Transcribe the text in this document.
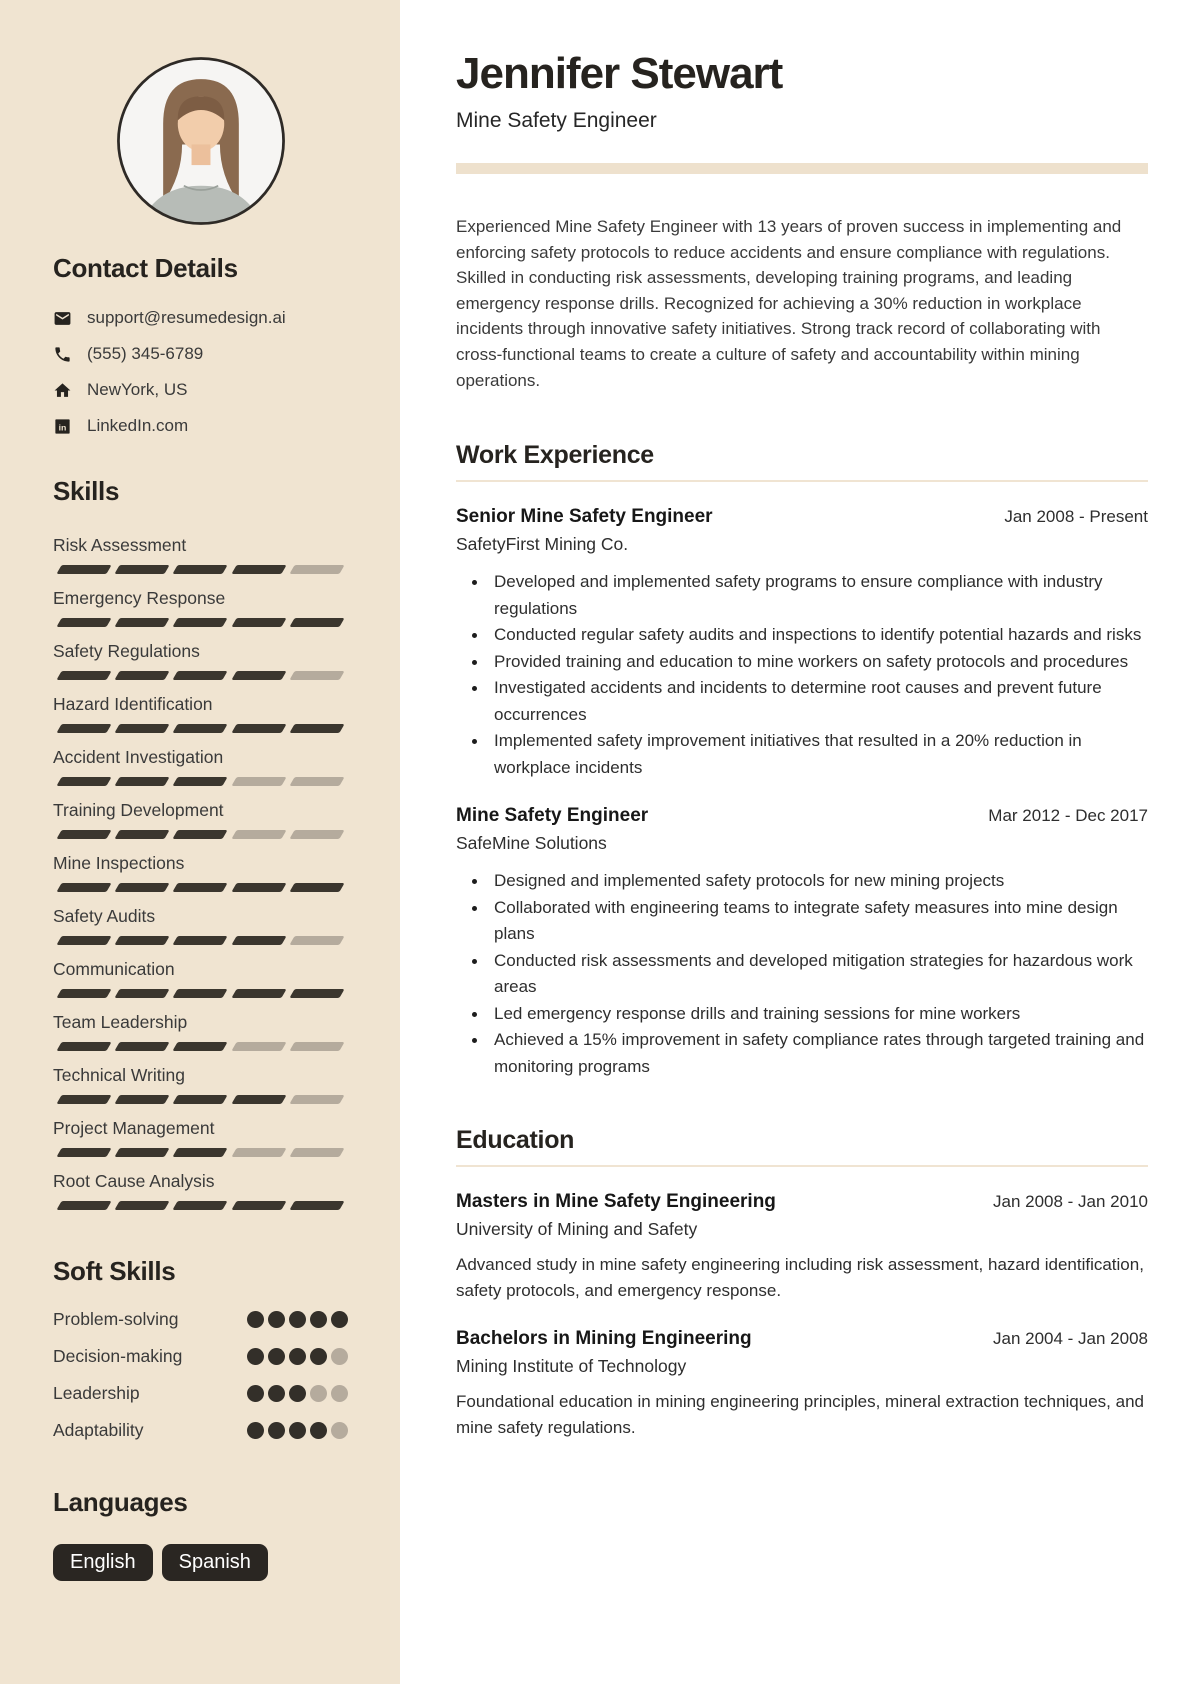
Contact Details
support@resumedesign.ai
(555) 345-6789
NewYork, US
in LinkedIn.com
Skills
Risk Assessment
Emergency Response
Safety Regulations
Hazard Identification
Accident Investigation
Training Development
Mine Inspections
Safety Audits
Communication
Team Leadership
Technical Writing
Project Management
Root Cause Analysis
Soft Skills
Problem-solving
Decision-making
Leadership
Adaptability
Languages
English	Spanish
Jennifer Stewart
Mine Safety Engineer

Experienced Mine Safety Engineer with 13 years of proven success in implementing and enforcing safety protocols to reduce accidents and ensure compliance with regulations. Skilled in conducting risk assessments, developing training programs, and leading emergency response drills. Recognized for achieving a 30% reduction in workplace incidents through innovative safety initiatives. Strong track record of collaborating with cross-functional teams to create a culture of safety and accountability within mining operations.

Work Experience
Senior Mine Safety Engineer	Jan 2008 - Present
SafetyFirst Mining Co.
Developed and implemented safety programs to ensure compliance with industry regulations
Conducted regular safety audits and inspections to identify potential hazards and risks
Provided training and education to mine workers on safety protocols and procedures
Investigated accidents and incidents to determine root causes and prevent future occurrences
Implemented safety improvement initiatives that resulted in a 20% reduction in workplace incidents
Mine Safety Engineer	Mar 2012 - Dec 2017
SafeMine Solutions
Designed and implemented safety protocols for new mining projects
Collaborated with engineering teams to integrate safety measures into mine design plans
Conducted risk assessments and developed mitigation strategies for hazardous work areas
Led emergency response drills and training sessions for mine workers
Achieved a 15% improvement in safety compliance rates through targeted training and monitoring programs
Education
Masters in Mine Safety Engineering	Jan 2008 - Jan 2010
University of Mining and Safety

Advanced study in mine safety engineering including risk assessment, hazard identification, safety protocols, and emergency response.

Bachelors in Mining Engineering	Jan 2004 - Jan 2008
Mining Institute of Technology

Foundational education in mining engineering principles, mineral extraction techniques, and mine safety regulations.
